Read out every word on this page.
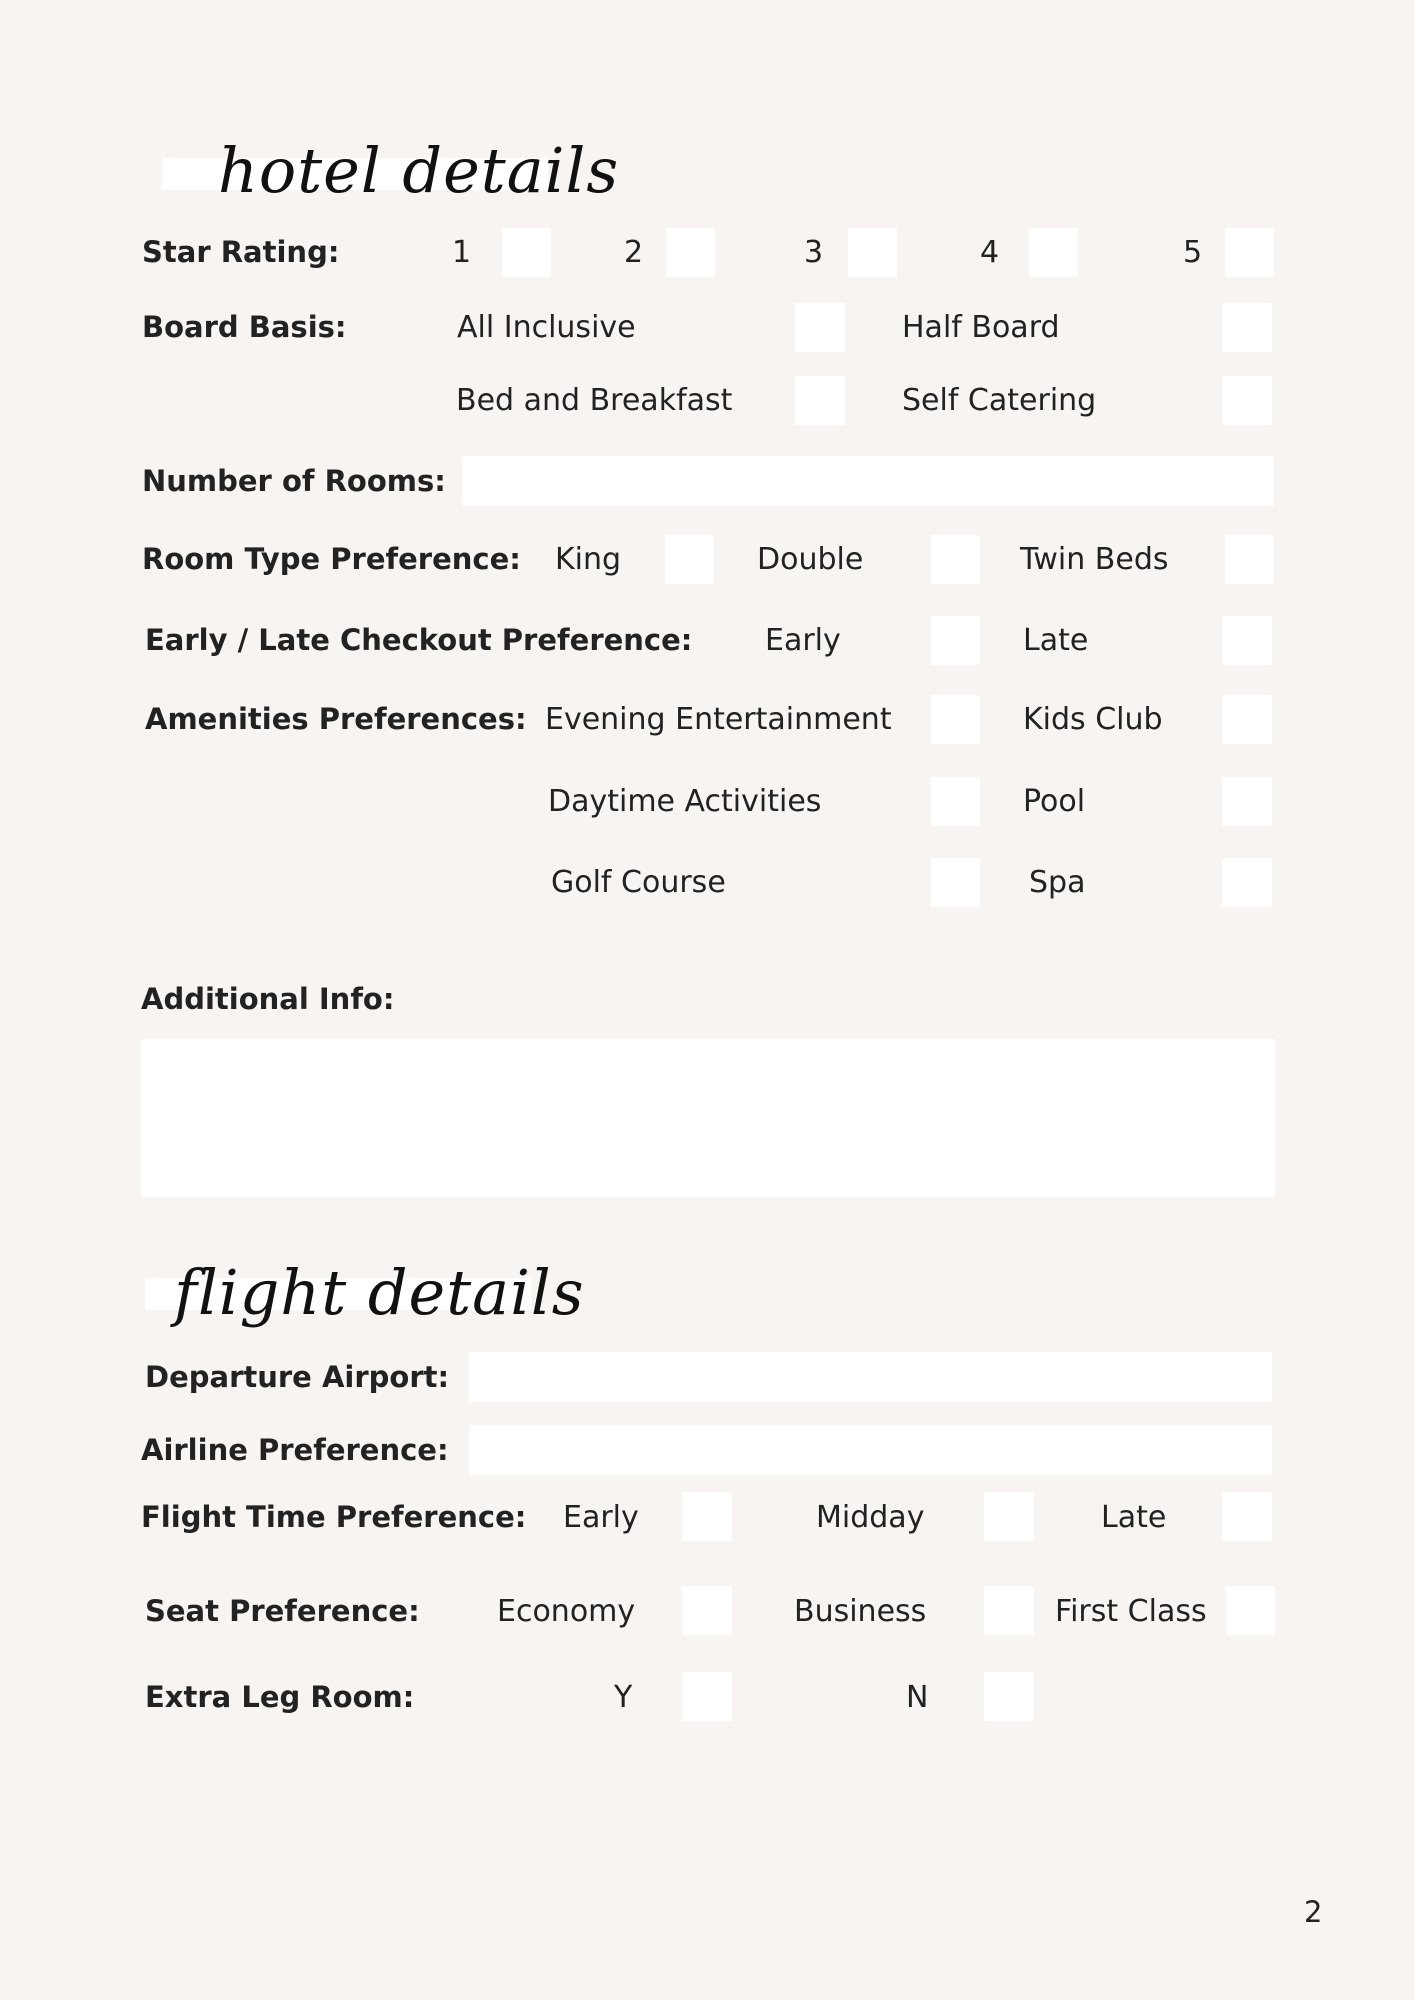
hotel details
Star Rating:	1	2	3	4	5
Board Basis:	All Inclusive	Half Board
Bed and Breakfast	Self Catering
Number of Rooms:
Room Type Preference: King	Double	Twin Beds
Early / Late Checkout Preference: Early	Late
Amenities Preferences: Evening Entertainment	Kids Club
Daytime Activities	Pool
Golf Course	Spa
Additional Info:
flight details
Departure Airport:
Airline Preference:
Flight Time Preference: Early	Midday	Late
Seat Preference:	Economy	Business	First Class
Extra Leg Room:	Y	N
2
